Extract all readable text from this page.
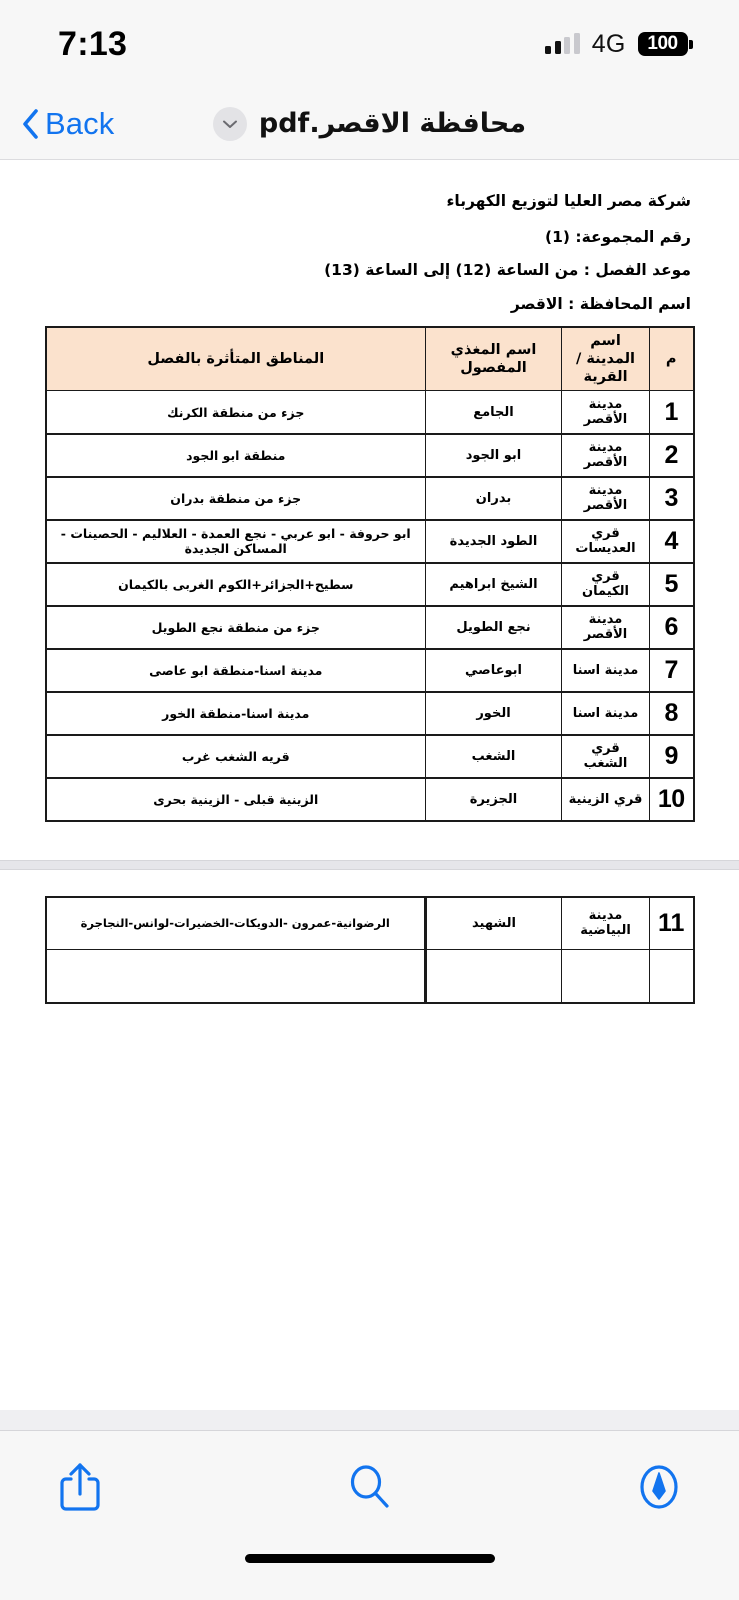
7:13	4G	100
Back	محافظة الاقصر.pdf
شركة مصر العليا لتوزيع الكهرباء
رقم المجموعة: (1)
موعد الفصل : من الساعة (12) إلى الساعة (13)
اسم المحافظة : الاقصر
م	اسم المدينة / القرية	اسم المغذي المفصول	المناطق المتأثرة بالفصل
1	مدينة الأقصر	الجامع	جزء من منطقة الكرنك
2	مدينة الأقصر	ابو الجود	منطقة ابو الجود
3	مدينة الأقصر	بدران	جزء من منطقة بدران
4	قري العديسات	الطود الجديدة	ابو حروفة - ابو عربي - نجع العمدة - العلاليم - الحصينات - المساكن الجديدة
5	قري الكيمان	الشيخ ابراهيم	سطيح+الجزائر+الكوم الغربى بالكيمان
6	مدينة الأقصر	نجع الطويل	جزء من منطقة نجع الطويل
7	مدينة اسنا	ابوعاصي	مدينة اسنا-منطقة ابو عاصى
8	مدينة اسنا	الخور	مدينة اسنا-منطقة الخور
9	قري الشغب	الشغب	قريه الشغب غرب
10	قري الزينية	الجزيرة	الزينية قبلى - الزينية بحرى
11	مدينة البياضية	الشهيد	الرضوانية-عمرون -الدويكات-الخضيرات-لوانس-النجاجرة
